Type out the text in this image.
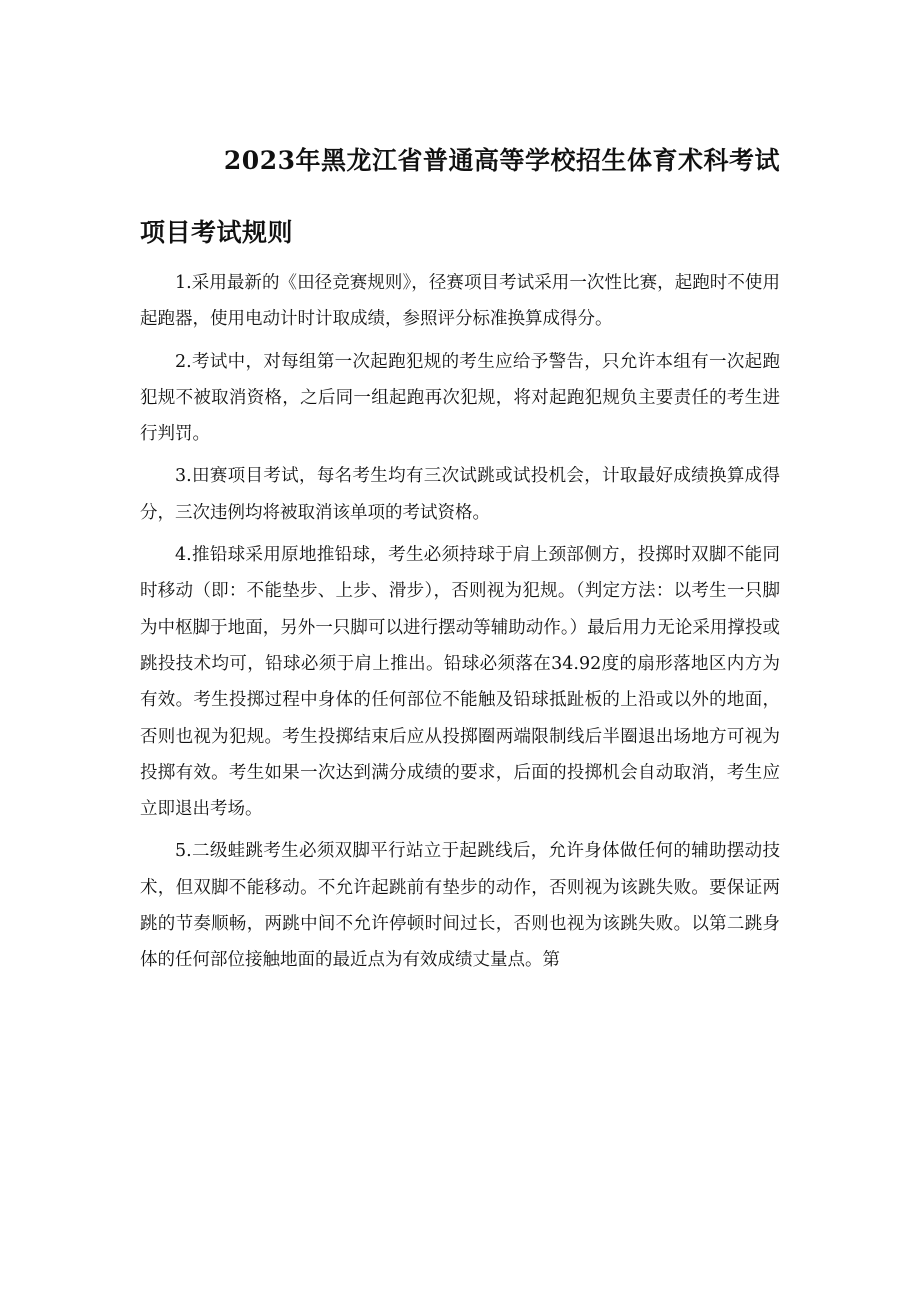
2023年黑龙江省普通高等学校招生体育术科考试
项目考试规则

1.采用最新的《田径竞赛规则》，径赛项目考试采用一次性比赛，起跑时不使用起跑器，使用电动计时计取成绩，参照评分标准换算成得分。

2.考试中，对每组第一次起跑犯规的考生应给予警告，只允许本组有一次起跑犯规不被取消资格，之后同一组起跑再次犯规，将对起跑犯规负主要责任的考生进行判罚。

3.田赛项目考试，每名考生均有三次试跳或试投机会，计取最好成绩换算成得分，三次违例均将被取消该单项的考试资格。

4.推铅球采用原地推铅球，考生必须持球于肩上颈部侧方，投掷时双脚不能同时移动（即：不能垫步、上步、滑步），否则视为犯规。（判定方法：以考生一只脚为中枢脚于地面，另外一只脚可以进行摆动等辅助动作。）最后用力无论采用撑投或跳投技术均可，铅球必须于肩上推出。铅球必须落在34.92度的扇形落地区内方为有效。考生投掷过程中身体的任何部位不能触及铅球抵趾板的上沿或以外的地面，否则也视为犯规。考生投掷结束后应从投掷圈两端限制线后半圈退出场地方可视为投掷有效。考生如果一次达到满分成绩的要求，后面的投掷机会自动取消，考生应立即退出考场。

5.二级蛙跳考生必须双脚平行站立于起跳线后，允许身体做任何的辅助摆动技术，但双脚不能移动。不允许起跳前有垫步的动作，否则视为该跳失败。要保证两跳的节奏顺畅，两跳中间不允许停顿时间过长，否则也视为该跳失败。以第二跳身体的任何部位接触地面的最近点为有效成绩丈量点。第
